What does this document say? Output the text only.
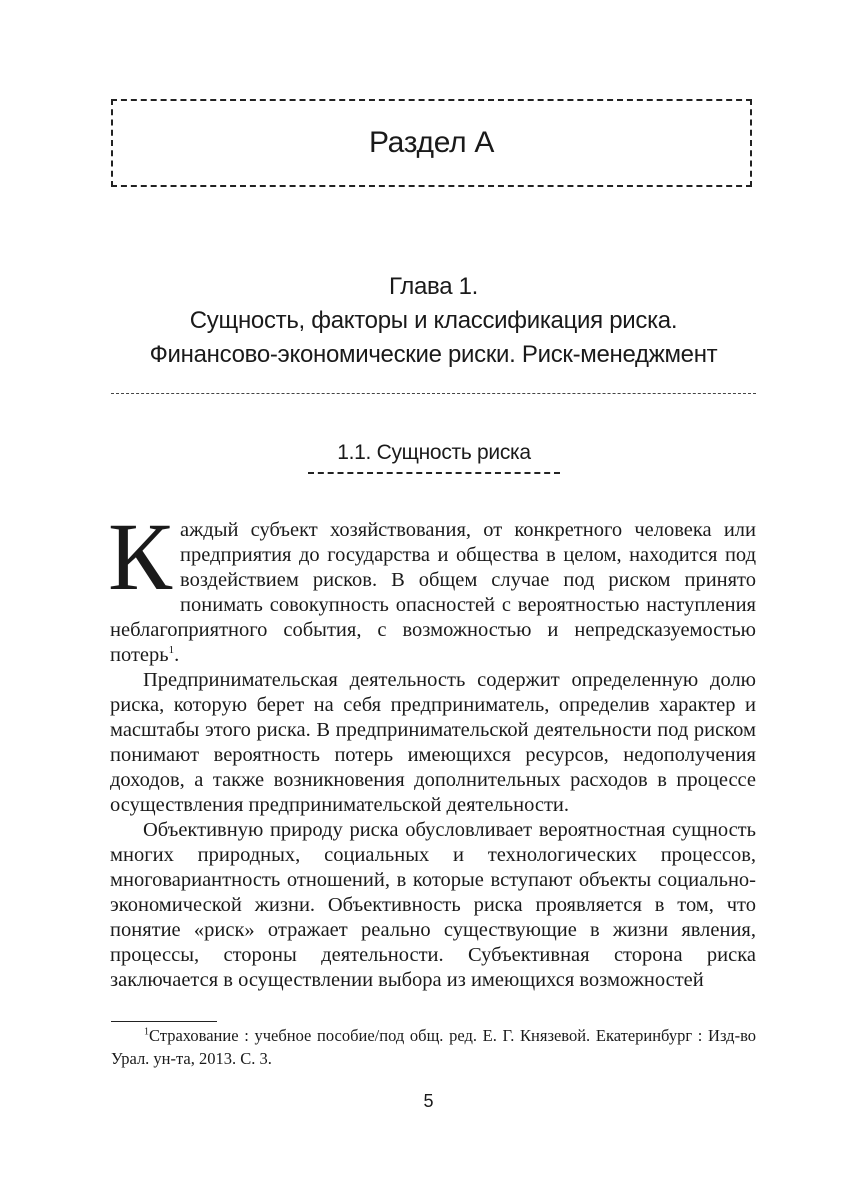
Раздел А
Глава 1.
Сущность, факторы и классификация риска.
Финансово-экономические риски. Риск-менеджмент
1.1. Сущность риска

Каждый субъект хозяйствования, от конкретного человека или предприятия до государства и общества в целом, находится под воздействием рисков. В общем случае под риском принято понимать совокупность опасностей с вероятностью наступления неблагоприятного события, с возможностью и непредсказуемостью потерь$^1$.

Предпринимательская деятельность содержит определенную долю риска, которую берет на себя предприниматель, определив характер и масштабы этого риска. В предпринимательской деятельности под риском понимают вероятность потерь имеющихся ресурсов, недополучения доходов, а также возникновения дополнительных расходов в процессе осуществления предпринимательской деятельности.

Объективную природу риска обусловливает вероятностная сущность многих природных, социальных и технологических процессов, многовариантность отношений, в которые вступают объекты социально-экономической жизни. Объективность риска проявляется в том, что понятие «риск» отражает реально существующие в жизни явления, процессы, стороны деятельности. Субъективная сторона риска заключается в осуществлении выбора из имеющихся возможностей

  $^1$Страхование : учебное пособие/под общ. ред. Е. Г. Князевой. Екатеринбург : Изд-во Урал. ун-та, 2013. С. 3.
5
